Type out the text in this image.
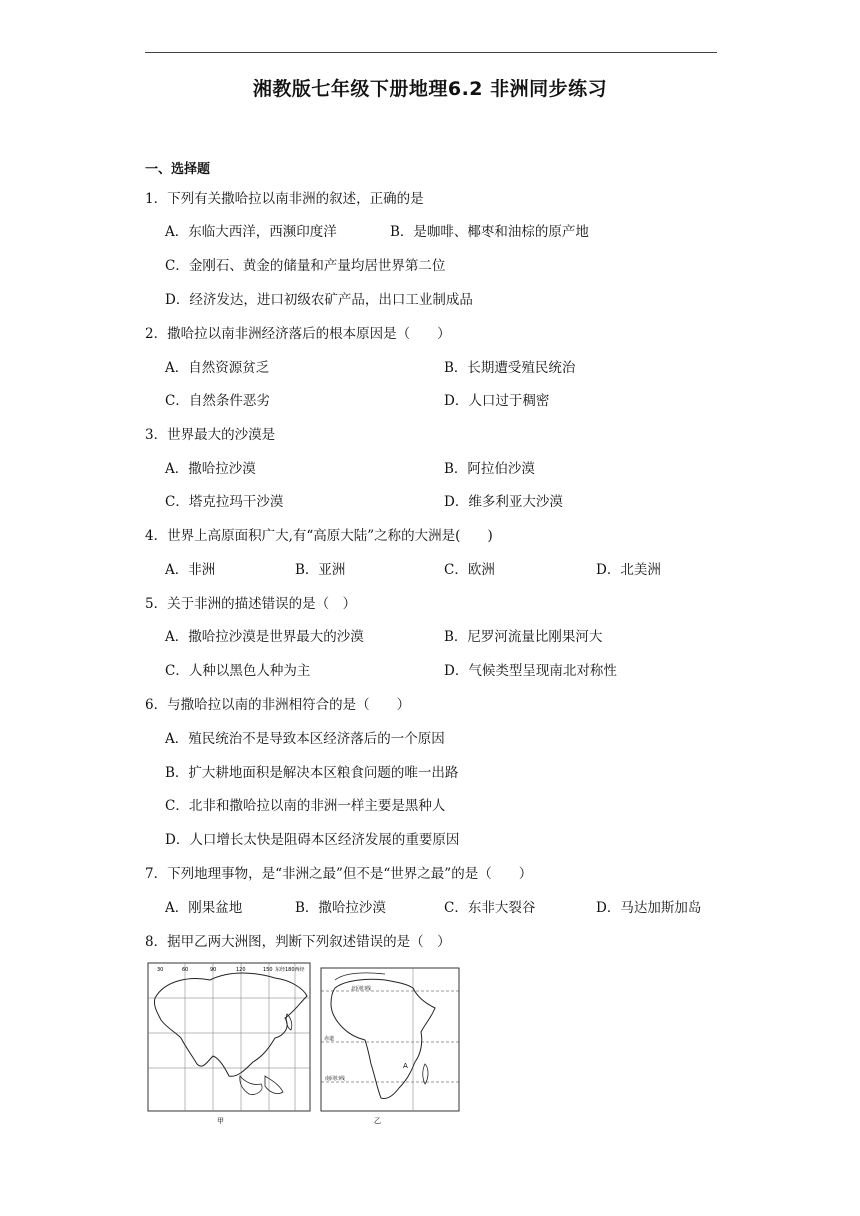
湘教版七年级下册地理6.2 非洲同步练习
一、选择题
1．下列有关撒哈拉以南非洲的叙述，正确的是
A．东临大西洋，西濒印度洋	B．是咖啡、椰枣和油棕的原产地
C．金刚石、黄金的储量和产量均居世界第二位
D．经济发达，进口初级农矿产品，出口工业制成品
2．撒哈拉以南非洲经济落后的根本原因是（　　）
A．自然资源贫乏	B．长期遭受殖民统治
C．自然条件恶劣	D．人口过于稠密
3．世界最大的沙漠是
A．撒哈拉沙漠	B．阿拉伯沙漠
C．塔克拉玛干沙漠	D．维多利亚大沙漠
4．世界上高原面积广大,有“高原大陆”之称的大洲是(　　)
A．非洲	B．亚洲	C．欧洲	D．北美洲
5．关于非洲的描述错误的是（　）
A．撒哈拉沙漠是世界最大的沙漠	B．尼罗河流量比刚果河大
C．人种以黑色人种为主	D．气候类型呈现南北对称性
6．与撒哈拉以南的非洲相符合的是（　　）
A．殖民统治不是导致本区经济落后的一个原因
B．扩大耕地面积是解决本区粮食问题的唯一出路
C．北非和撒哈拉以南的非洲一样主要是黑种人
D．人口增长太快是阻碍本区经济发展的重要原因
7．下列地理事物，是“非洲之最”但不是“世界之最”的是（　　）
A．刚果盆地	B．撒哈拉沙漠	C．东非大裂谷	D．马达加斯加岛
8．据甲乙两大洲图，判断下列叙述错误的是（　）
30	60	90	120	150 东经180西经
甲
北回归线
赤道
南回归线
A
乙
